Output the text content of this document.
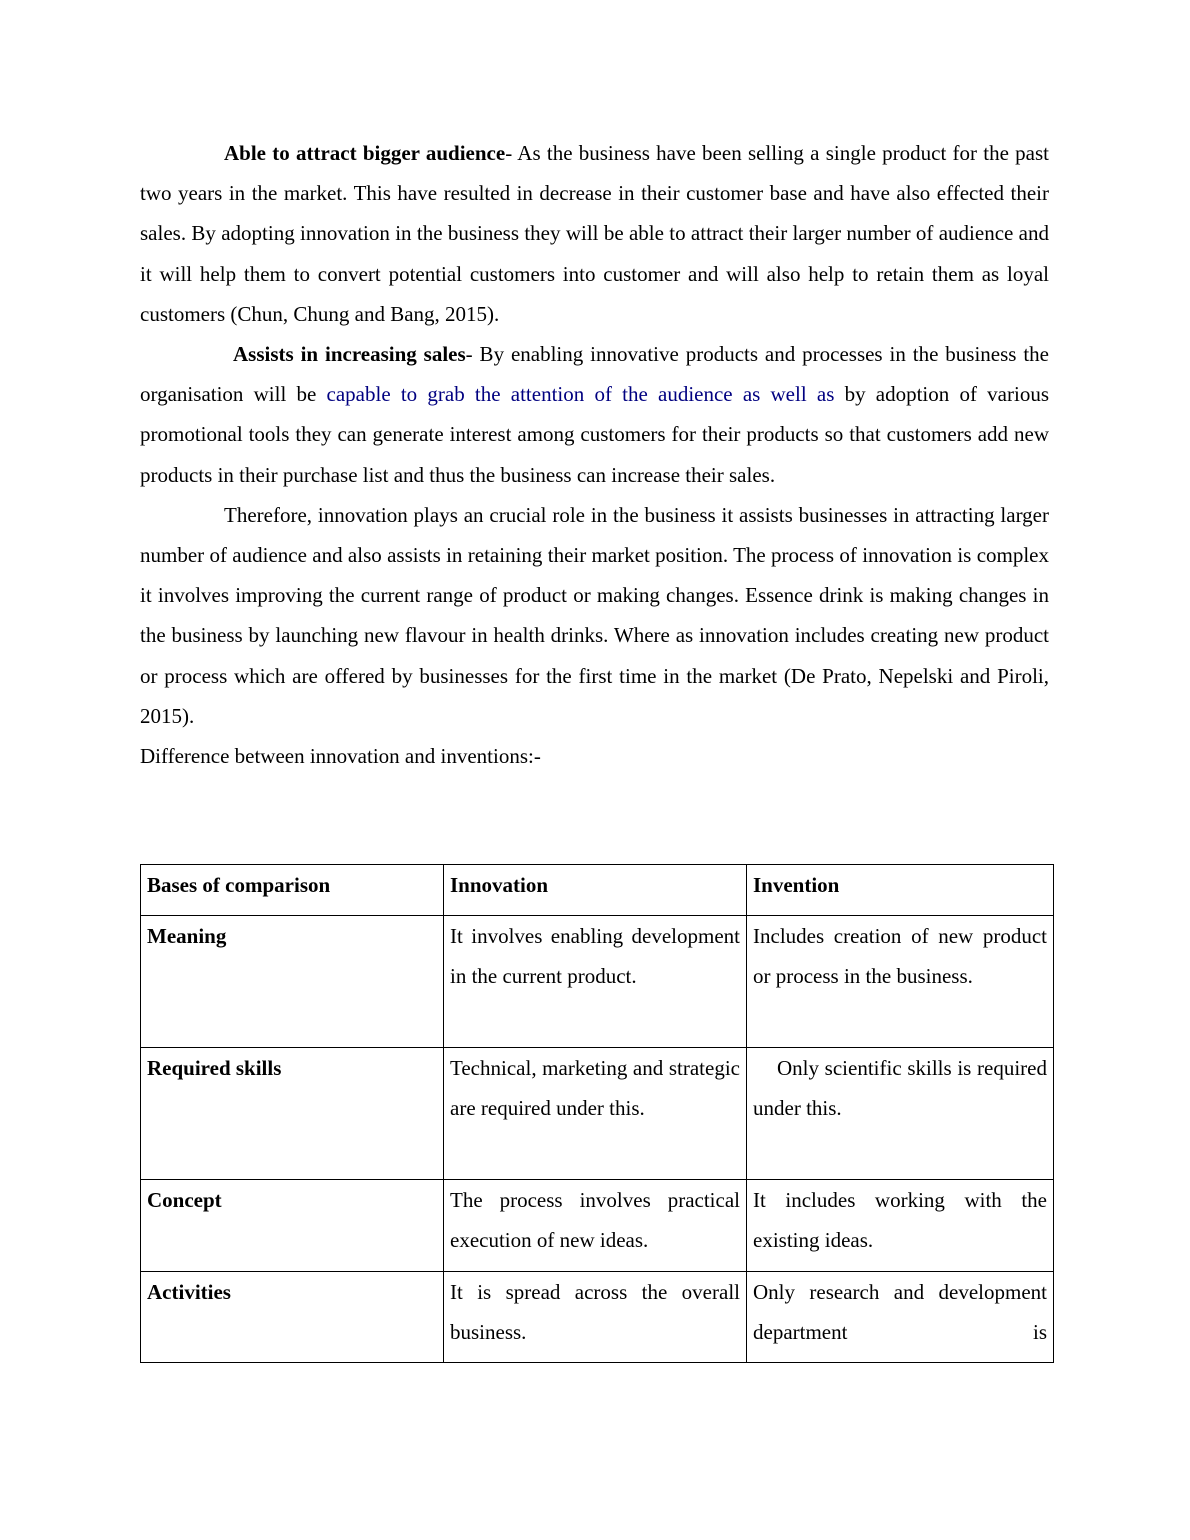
Able to attract bigger audience- As the business have been selling a single product for the past two years in the market. This have resulted in decrease in their customer base and have also effected their sales. By adopting innovation in the business they will be able to attract their larger number of audience and it will help them to convert potential customers into customer and will also help to retain them as loyal customers (Chun, Chung and Bang, 2015).

Assists in increasing sales- By enabling innovative products and processes in the business the organisation will be capable to grab the attention of the audience as well as by adoption of various promotional tools they can generate interest among customers for their products so that customers add new products in their purchase list and thus the business can increase their sales.

Therefore, innovation plays an crucial role in the business it assists businesses in attracting larger number of audience and also assists in retaining their market position. The process of innovation is complex it involves improving the current range of product or making changes. Essence drink is making changes in the business by launching new flavour in health drinks. Where as innovation includes creating new product or process which are offered by businesses for the first time in the market (De Prato, Nepelski and Piroli, 2015).

Difference between innovation and inventions:-

Bases of comparison	Innovation	Invention
Meaning	It involves enabling development in the current product.	Includes creation of new product or process in the business.
Required skills	Technical, marketing and strategic are required under this.	Only scientific skills is required under this.
Concept	The process involves practical execution of new ideas.	It includes working with the existing ideas.
Activities	It is spread across the overall business.	Only research and development department is
